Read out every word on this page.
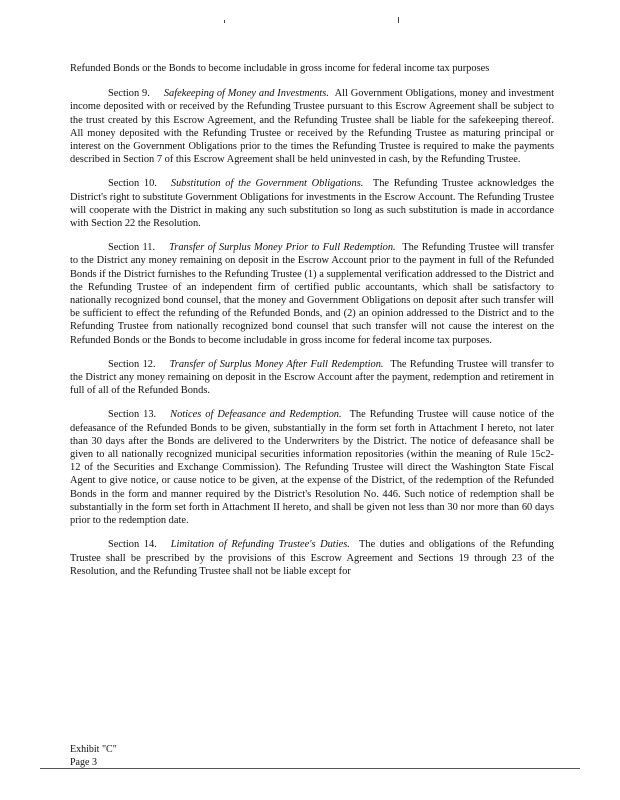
Refunded Bonds or the Bonds to become includable in gross income for federal income tax purposes

Section 9. Safekeeping of Money and Investments. All Government Obligations, money and investment income deposited with or received by the Refunding Trustee pursuant to this Escrow Agreement shall be subject to the trust created by this Escrow Agreement, and the Refunding Trustee shall be liable for the safekeeping thereof. All money deposited with the Refunding Trustee or received by the Refunding Trustee as maturing principal or interest on the Government Obligations prior to the times the Refunding Trustee is required to make the payments described in Section 7 of this Escrow Agreement shall be held uninvested in cash, by the Refunding Trustee.

Section 10. Substitution of the Government Obligations. The Refunding Trustee acknowledges the District's right to substitute Government Obligations for investments in the Escrow Account. The Refunding Trustee will cooperate with the District in making any such substitution so long as such substitution is made in accordance with Section 22 the Resolution.

Section 11. Transfer of Surplus Money Prior to Full Redemption. The Refunding Trustee will transfer to the District any money remaining on deposit in the Escrow Account prior to the payment in full of the Refunded Bonds if the District furnishes to the Refunding Trustee (1) a supplemental verification addressed to the District and the Refunding Trustee of an independent firm of certified public accountants, which shall be satisfactory to nationally recognized bond counsel, that the money and Government Obligations on deposit after such transfer will be sufficient to effect the refunding of the Refunded Bonds, and (2) an opinion addressed to the District and to the Refunding Trustee from nationally recognized bond counsel that such transfer will not cause the interest on the Refunded Bonds or the Bonds to become includable in gross income for federal income tax purposes.

Section 12. Transfer of Surplus Money After Full Redemption. The Refunding Trustee will transfer to the District any money remaining on deposit in the Escrow Account after the payment, redemption and retirement in full of all of the Refunded Bonds.

Section 13. Notices of Defeasance and Redemption. The Refunding Trustee will cause notice of the defeasance of the Refunded Bonds to be given, substantially in the form set forth in Attachment I hereto, not later than 30 days after the Bonds are delivered to the Underwriters by the District. The notice of defeasance shall be given to all nationally recognized municipal securities information repositories (within the meaning of Rule 15c2-12 of the Securities and Exchange Commission). The Refunding Trustee will direct the Washington State Fiscal Agent to give notice, or cause notice to be given, at the expense of the District, of the redemption of the Refunded Bonds in the form and manner required by the District's Resolution No. 446. Such notice of redemption shall be substantially in the form set forth in Attachment II hereto, and shall be given not less than 30 nor more than 60 days prior to the redemption date.

Section 14. Limitation of Refunding Trustee's Duties. The duties and obligations of the Refunding Trustee shall be prescribed by the provisions of this Escrow Agreement and Sections 19 through 23 of the Resolution, and the Refunding Trustee shall not be liable except for

Exhibit "C"
Page 3
